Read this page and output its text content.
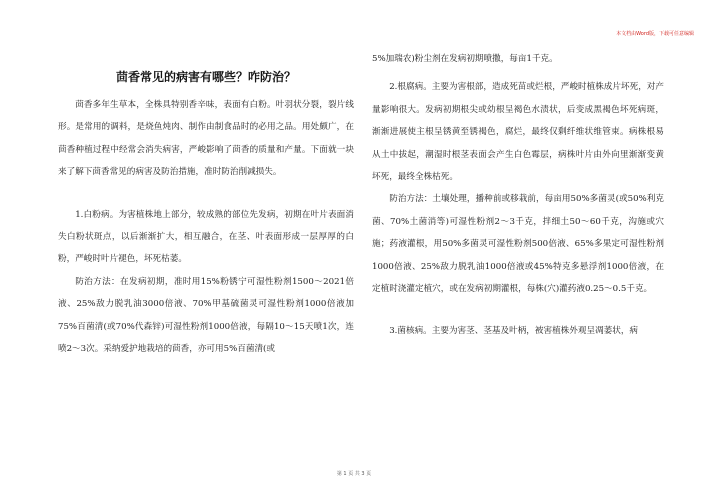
本文档由Word版，下载可任意编辑
茴香常见的病害有哪些？咋防治？

茴香多年生草本，全株具特别香辛味，表面有白粉。叶羽状分裂，裂片线形。是常用的调料，是烧鱼炖肉、制作由制食品时的必用之品。用处颇广，在茴香种植过程中经常会消失病害，严峻影响了茴香的质量和产量。下面就一块来了解下茴香常见的病害及防治措施，准时防治削减损失。

1.白粉病。为害植株地上部分，较成熟的部位先发病，初期在叶片表面消失白粉状斑点，以后渐渐扩大，相互融合，在茎、叶表面形成一层厚厚的白粉，严峻时叶片褪色，坏死枯萎。

防治方法：在发病初期，准时用15%粉锈宁可湿性粉剂1500～2021倍液、25%敌力脱乳油3000倍液、70%甲基硫菌灵可湿性粉剂1000倍液加75%百菌清(或70%代森锌)可湿性粉剂1000倍液，每隔10～15天喷1次，连喷2～3次。采纳爱护地栽培的茴香，亦可用5%百菌清(或

5%加瑞农)粉尘剂在发病初期喷撒，每亩1千克。

2.根腐病。主要为害根部，造成死苗或烂根，严峻时植株成片坏死，对产量影响很大。发病初期根尖或幼根呈褐色水渍状，后变成黑褐色坏死病斑，渐渐进展使主根呈锈黄至锈褐色，腐烂，最终仅剩纤维状维管束。病株根易从土中拔起，潮湿时根茎表面会产生白色霉层，病株叶片由外向里渐渐变黄坏死，最终全株枯死。

防治方法：土壤处理，播种前或移栽前，每亩用50%多菌灵(或50%利克菌、70%土菌消等)可湿性粉剂2～3千克，拌细土50～60千克，沟施或穴施；药液灌根，用50%多菌灵可湿性粉剂500倍液、65%多果定可湿性粉剂1000倍液、25%敌力脱乳油1000倍液或45%特克多悬浮剂1000倍液，在定植时浇灌定植穴，或在发病初期灌根，每株(穴)灌药液0.25～0.5千克。

3.菌核病。主要为害茎、茎基及叶柄，被害植株外观呈凋萎状，病

第 1 页 共 3 页
